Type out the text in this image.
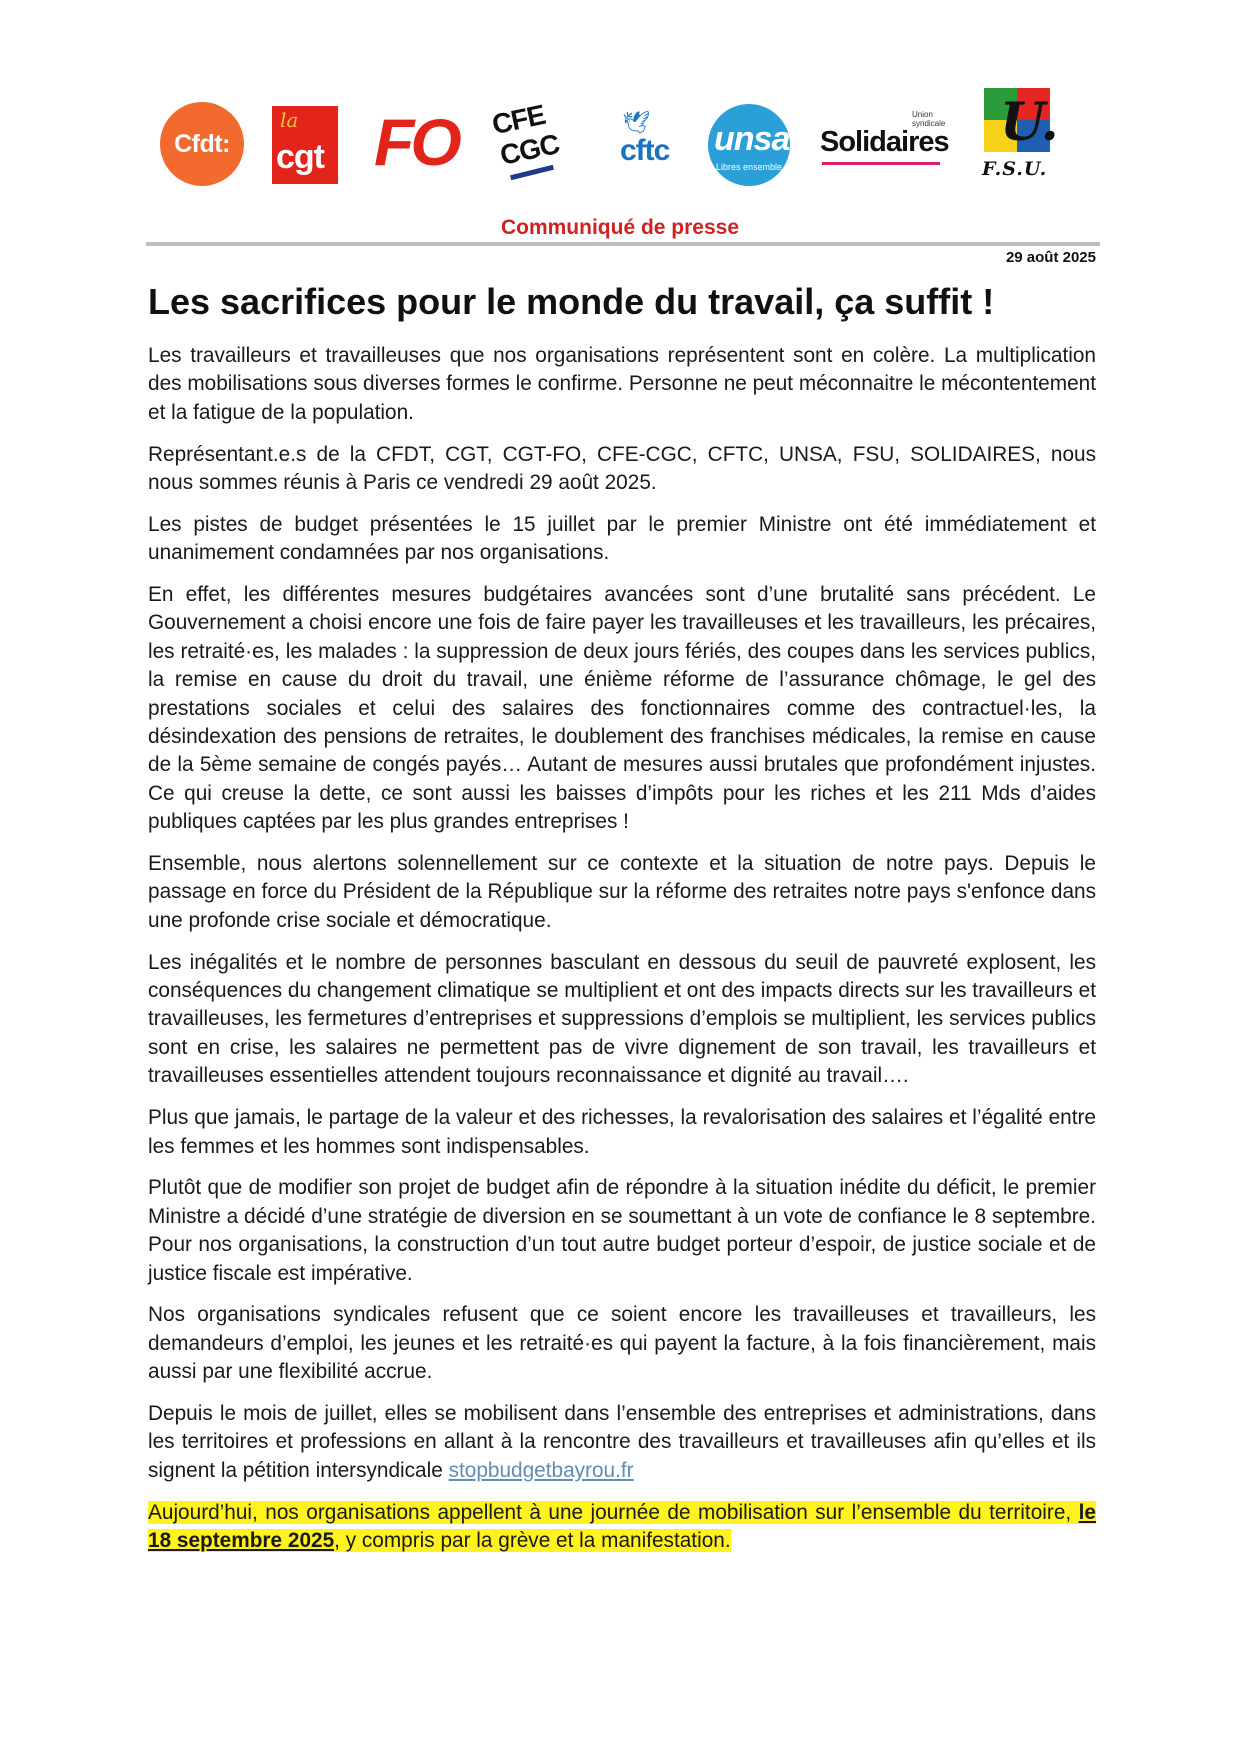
Cfdt:
la
cgt FO CFE
CGC
🕊
cftc unsa
Libres ensemble
Union syndicale
Solidaires U.
F.S.U.
Communiqué de presse
29 août 2025
Les sacrifices pour le monde du travail, ça suffit !

Les travailleurs et travailleuses que nos organisations représentent sont en colère. La multiplication des mobilisations sous diverses formes le confirme. Personne ne peut méconnaitre le mécontentement et la fatigue de la population.

Représentant.e.s de la CFDT, CGT, CGT-FO, CFE-CGC, CFTC, UNSA, FSU, SOLIDAIRES, nous nous sommes réunis à Paris ce vendredi 29 août 2025.

Les pistes de budget présentées le 15 juillet par le premier Ministre ont été immédiatement et unanimement condamnées par nos organisations.

En effet, les différentes mesures budgétaires avancées sont d’une brutalité sans précédent. Le Gouvernement a choisi encore une fois de faire payer les travailleuses et les travailleurs, les précaires, les retraité·es, les malades : la suppression de deux jours fériés, des coupes dans les services publics, la remise en cause du droit du travail, une énième réforme de l’assurance chômage, le gel des prestations sociales et celui des salaires des fonctionnaires comme des contractuel·les, la désindexation des pensions de retraites, le doublement des franchises médicales, la remise en cause de la 5ème semaine de congés payés… Autant de mesures aussi brutales que profondément injustes. Ce qui creuse la dette, ce sont aussi les baisses d’impôts pour les riches et les 211 Mds d’aides publiques captées par les plus grandes entreprises !

Ensemble, nous alertons solennellement sur ce contexte et la situation de notre pays. Depuis le passage en force du Président de la République sur la réforme des retraites notre pays s'enfonce dans une profonde crise sociale et démocratique.

Les inégalités et le nombre de personnes basculant en dessous du seuil de pauvreté explosent, les conséquences du changement climatique se multiplient et ont des impacts directs sur les travailleurs et travailleuses, les fermetures d’entreprises et suppressions d’emplois se multiplient, les services publics sont en crise, les salaires ne permettent pas de vivre dignement de son travail, les travailleurs et travailleuses essentielles attendent toujours reconnaissance et dignité au travail….

Plus que jamais, le partage de la valeur et des richesses, la revalorisation des salaires et l’égalité entre les femmes et les hommes sont indispensables.

Plutôt que de modifier son projet de budget afin de répondre à la situation inédite du déficit, le premier Ministre a décidé d’une stratégie de diversion en se soumettant à un vote de confiance le 8 septembre. Pour nos organisations, la construction d’un tout autre budget porteur d’espoir, de justice sociale et de justice fiscale est impérative.

Nos organisations syndicales refusent que ce soient encore les travailleuses et travailleurs, les demandeurs d’emploi, les jeunes et les retraité·es qui payent la facture, à la fois financièrement, mais aussi par une flexibilité accrue.

Depuis le mois de juillet, elles se mobilisent dans l’ensemble des entreprises et administrations, dans les territoires et professions en allant à la rencontre des travailleurs et travailleuses afin qu’elles et ils signent la pétition intersyndicale stopbudgetbayrou.fr

Aujourd’hui, nos organisations appellent à une journée de mobilisation sur l’ensemble du territoire, le 18 septembre 2025, y compris par la grève et la manifestation.
